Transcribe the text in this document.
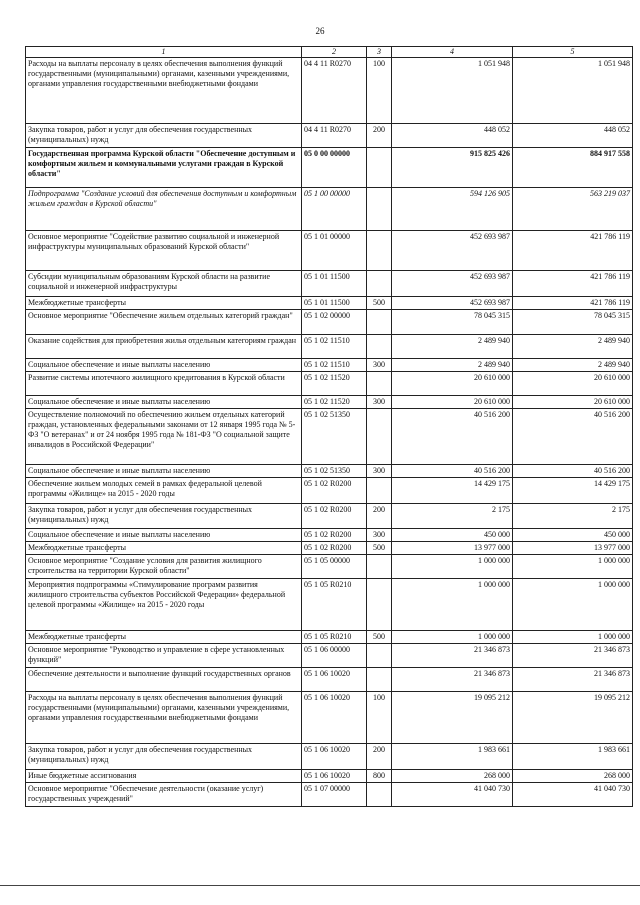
26
1	2	3	4	5
Расходы на выплаты персоналу в целях обеспечения выполнения функций государственными (муниципальными) органами, казенными учреждениями, органами управления государственными внебюджетными фондами	04 4 11 R0270	100	1 051 948	1 051 948
Закупка товаров, работ и услуг для обеспечения государственных (муниципальных) нужд	04 4 11 R0270	200	448 052	448 052
Государственная программа Курской области "Обеспечение доступным и комфортным жильем и коммунальными услугами граждан в Курской области"	05 0 00 00000		915 825 426	884 917 558
Подпрограмма "Создание условий для обеспечения доступным и комфортным жильем граждан в Курской области"	05 1 00 00000		594 126 905	563 219 037
Основное мероприятие "Содействие развитию социальной и инженерной инфраструктуры муниципальных образований Курской области"	05 1 01 00000		452 693 987	421 786 119
Субсидии муниципальным образованиям Курской области на развитие социальной и инженерной инфраструктуры	05 1 01 11500		452 693 987	421 786 119
Межбюджетные трансферты	05 1 01 11500	500	452 693 987	421 786 119
Основное мероприятие "Обеспечение жильем отдельных категорий граждан"	05 1 02 00000		78 045 315	78 045 315
Оказание содействия для приобретения жилья отдельным категориям граждан	05 1 02 11510		2 489 940	2 489 940
Социальное обеспечение и иные выплаты населению	05 1 02 11510	300	2 489 940	2 489 940
Развитие системы ипотечного жилищного кредитования в Курской области	05 1 02 11520		20 610 000	20 610 000
Социальное обеспечение и иные выплаты населению	05 1 02 11520	300	20 610 000	20 610 000
Осуществление полномочий по обеспечению жильем отдельных категорий граждан, установленных федеральными законами от 12 января 1995 года № 5-ФЗ "О ветеранах" и от 24 ноября 1995 года № 181-ФЗ "О социальной защите инвалидов в Российской Федерации"	05 1 02 51350		40 516 200	40 516 200
Социальное обеспечение и иные выплаты населению	05 1 02 51350	300	40 516 200	40 516 200
Обеспечение жильем молодых семей в рамках федеральной целевой программы «Жилище» на 2015 - 2020 годы	05 1 02 R0200		14 429 175	14 429 175
Закупка товаров, работ и услуг для обеспечения государственных (муниципальных) нужд	05 1 02 R0200	200	2 175	2 175
Социальное обеспечение и иные выплаты населению	05 1 02 R0200	300	450 000	450 000
Межбюджетные трансферты	05 1 02 R0200	500	13 977 000	13 977 000
Основное мероприятие "Создание условия для развития жилищного строительства на территории Курской области"	05 1 05 00000		1 000 000	1 000 000
Мероприятия подпрограммы «Стимулирование программ развития жилищного строительства субъектов Российской Федерации» федеральной целевой программы «Жилище» на 2015 - 2020 годы	05 1 05 R0210		1 000 000	1 000 000
Межбюджетные трансферты	05 1 05 R0210	500	1 000 000	1 000 000
Основное мероприятие "Руководство и управление в сфере установленных функций"	05 1 06 00000		21 346 873	21 346 873
Обеспечение деятельности и выполнение функций государственных органов	05 1 06 10020		21 346 873	21 346 873
Расходы на выплаты персоналу в целях обеспечения выполнения функций государственными (муниципальными) органами, казенными учреждениями, органами управления государственными внебюджетными фондами	05 1 06 10020	100	19 095 212	19 095 212
Закупка товаров, работ и услуг для обеспечения государственных (муниципальных) нужд	05 1 06 10020	200	1 983 661	1 983 661
Иные бюджетные ассигнования	05 1 06 10020	800	268 000	268 000
Основное мероприятие "Обеспечение деятельности (оказание услуг) государственных учреждений"	05 1 07 00000		41 040 730	41 040 730
